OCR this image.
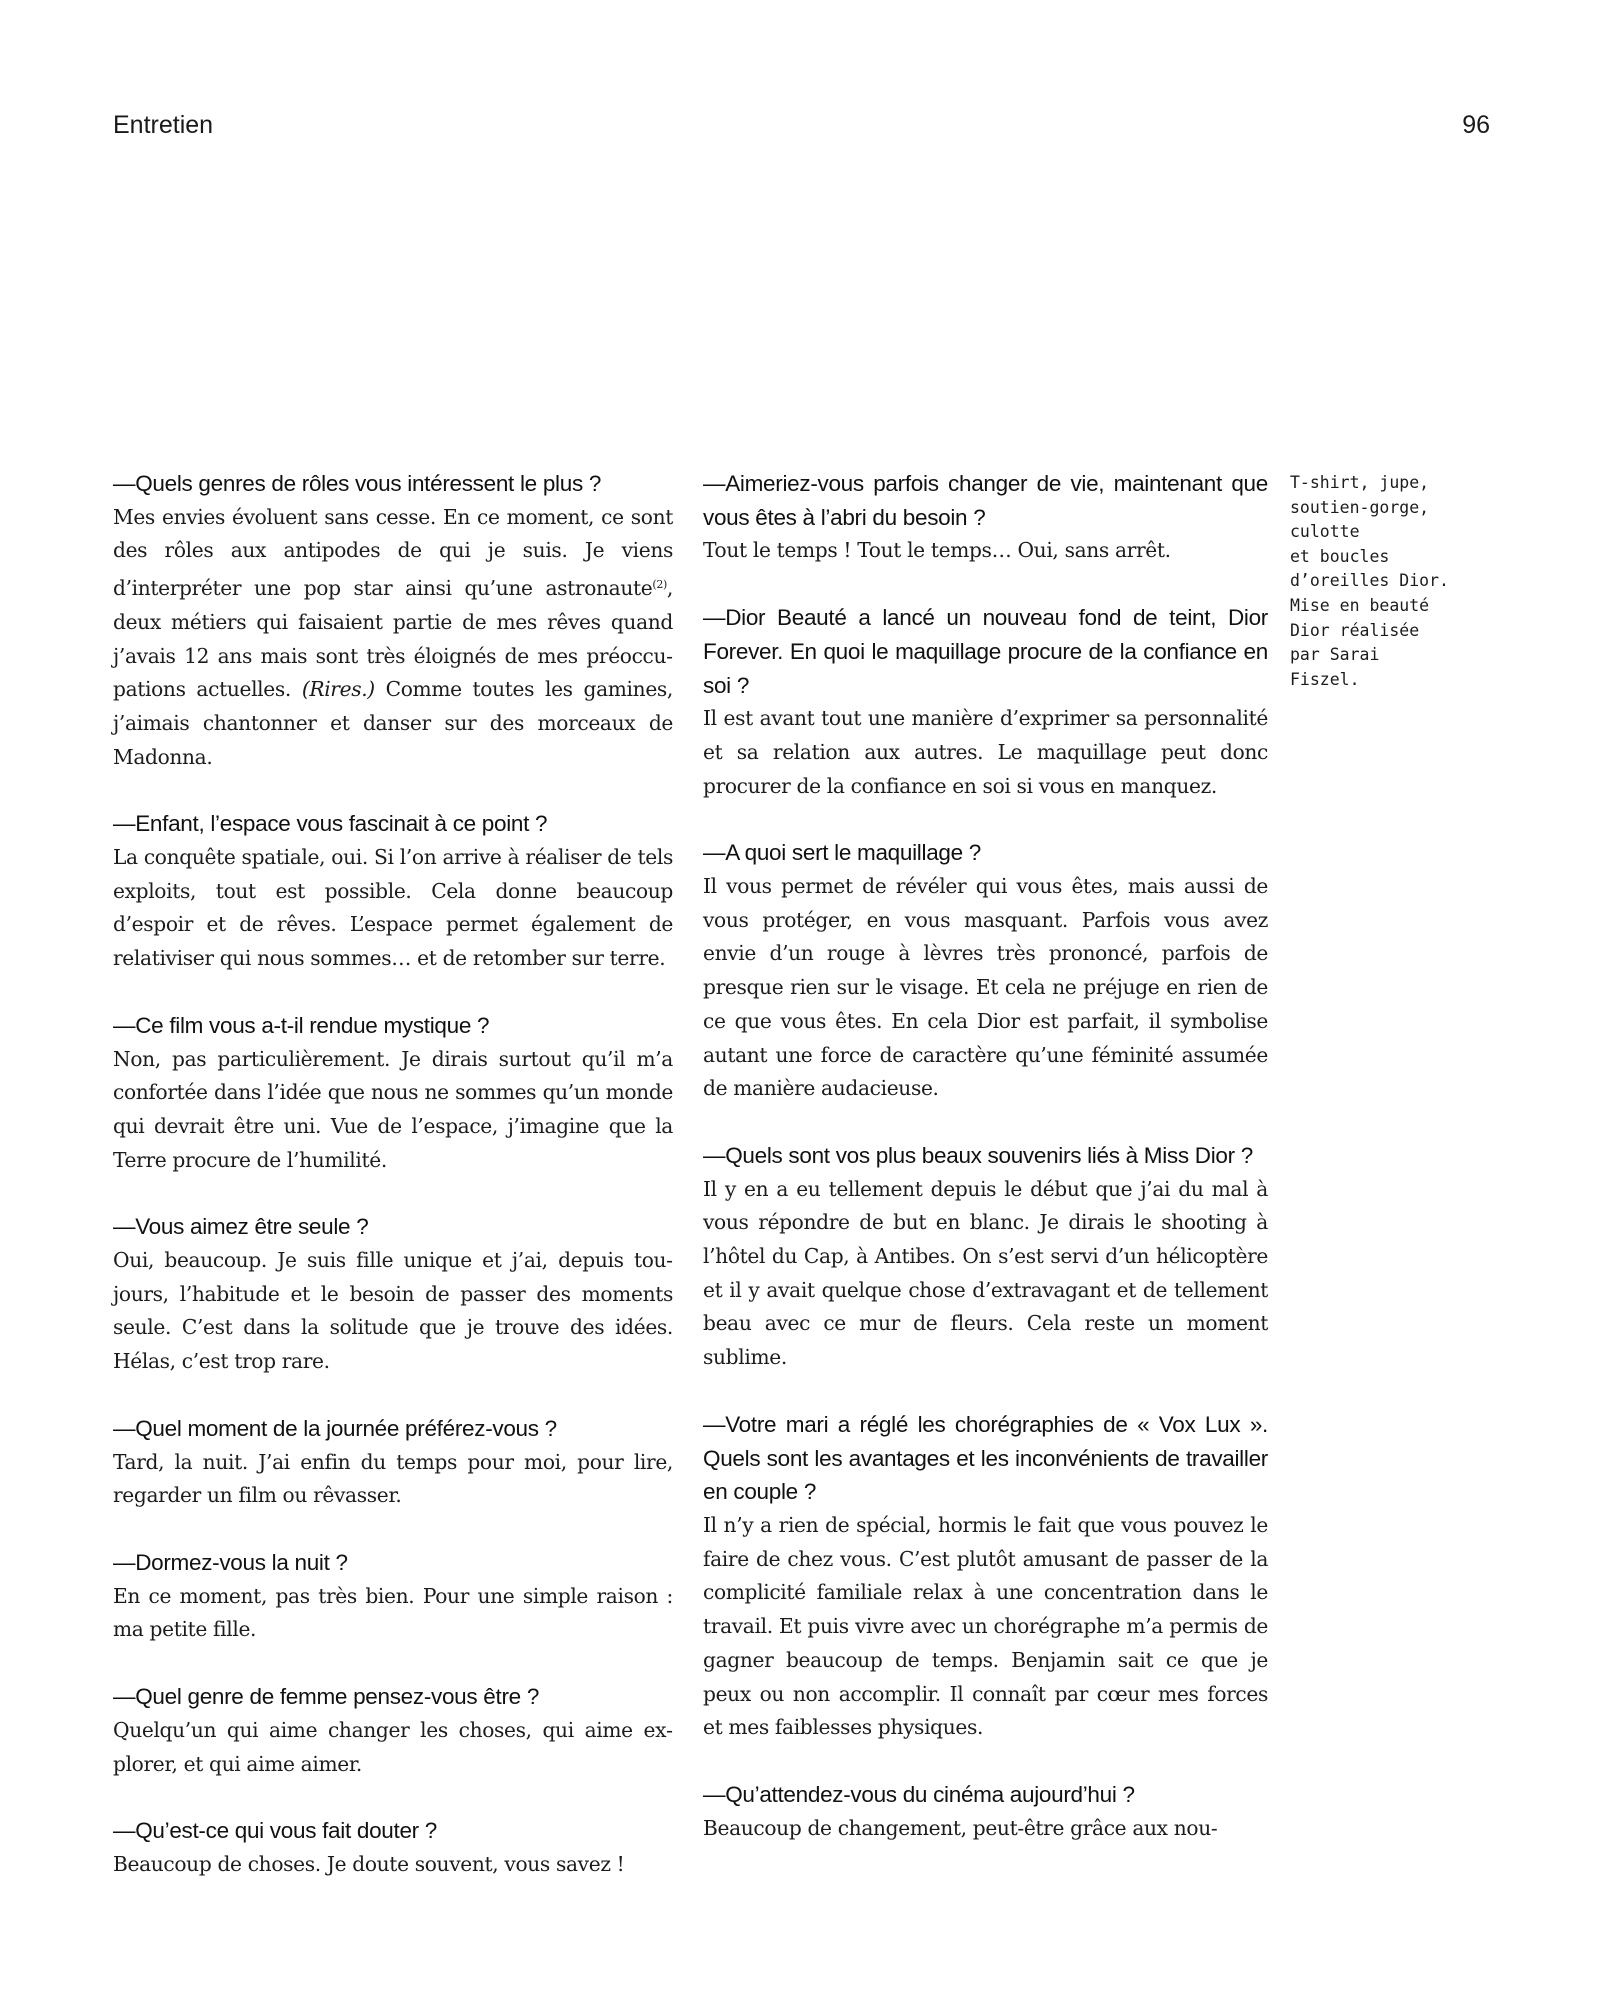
Entretien	96

—Quels genres de rôles vous intéressent le plus ?

Mes envies évoluent sans cesse. En ce moment, ce sont des rôles aux antipodes de qui je suis. Je viens d’interpréter une pop star ainsi qu’une astronaute$^{(2)}$, deux métiers qui faisaient partie de mes rêves quand j’avais 12 ans mais sont très éloignés de mes préoccupations actuelles. (Rires.) Comme toutes les gamines, j’aimais chantonner et danser sur des morceaux de Madonna.

—Enfant, l’espace vous fascinait à ce point ?

La conquête spatiale, oui. Si l’on arrive à réaliser de tels exploits, tout est possible. Cela donne beaucoup d’espoir et de rêves. L’espace permet également de relativiser qui nous sommes… et de retomber sur terre.

—Ce film vous a-t-il rendue mystique ?

Non, pas particulièrement. Je dirais surtout qu’il m’a confortée dans l’idée que nous ne sommes qu’un monde qui devrait être uni. Vue de l’espace, j’imagine que la Terre procure de l’humilité.

—Vous aimez être seule ?

Oui, beaucoup. Je suis fille unique et j’ai, depuis toujours, l’habitude et le besoin de passer des moments seule. C’est dans la solitude que je trouve des idées. Hélas, c’est trop rare.

—Quel moment de la journée préférez-vous ?

Tard, la nuit. J’ai enfin du temps pour moi, pour lire, regarder un film ou rêvasser.

—Dormez-vous la nuit ?

En ce moment, pas très bien. Pour une simple raison : ma petite fille.

—Quel genre de femme pensez-vous être ?

Quelqu’un qui aime changer les choses, qui aime explorer, et qui aime aimer.

—Qu’est-ce qui vous fait douter ?

Beaucoup de choses. Je doute souvent, vous savez !

—Aimeriez-vous parfois changer de vie, maintenant que vous êtes à l’abri du besoin ?

Tout le temps ! Tout le temps… Oui, sans arrêt.

—Dior Beauté a lancé un nouveau fond de teint, Dior Forever. En quoi le maquillage procure de la confiance en soi ?

Il est avant tout une manière d’exprimer sa personnalité et sa relation aux autres. Le maquillage peut donc procurer de la confiance en soi si vous en manquez.

—A quoi sert le maquillage ?

Il vous permet de révéler qui vous êtes, mais aussi de vous protéger, en vous masquant. Parfois vous avez envie d’un rouge à lèvres très prononcé, parfois de presque rien sur le visage. Et cela ne préjuge en rien de ce que vous êtes. En cela Dior est parfait, il symbolise autant une force de caractère qu’une féminité assumée de manière audacieuse.

—Quels sont vos plus beaux souvenirs liés à Miss Dior ?

Il y en a eu tellement depuis le début que j’ai du mal à vous répondre de but en blanc. Je dirais le shooting à l’hôtel du Cap, à Antibes. On s’est servi d’un hélicoptère et il y avait quelque chose d’extravagant et de tellement beau avec ce mur de fleurs. Cela reste un moment sublime.

—Votre mari a réglé les chorégraphies de « Vox Lux ». Quels sont les avantages et les inconvénients de travailler en couple ?

Il n’y a rien de spécial, hormis le fait que vous pouvez le faire de chez vous. C’est plutôt amusant de passer de la complicité familiale relax à une concentration dans le travail. Et puis vivre avec un chorégraphe m’a permis de gagner beaucoup de temps. Benjamin sait ce que je peux ou non accomplir. Il connaît par cœur mes forces et mes faiblesses physiques.

—Qu’attendez-vous du cinéma aujourd’hui ?

Beaucoup de changement, peut-être grâce aux nou-

T-shirt, jupe,
soutien-gorge,
culotte
et boucles
d’oreilles Dior.
Mise en beauté
Dior réalisée
par Sarai
Fiszel.
